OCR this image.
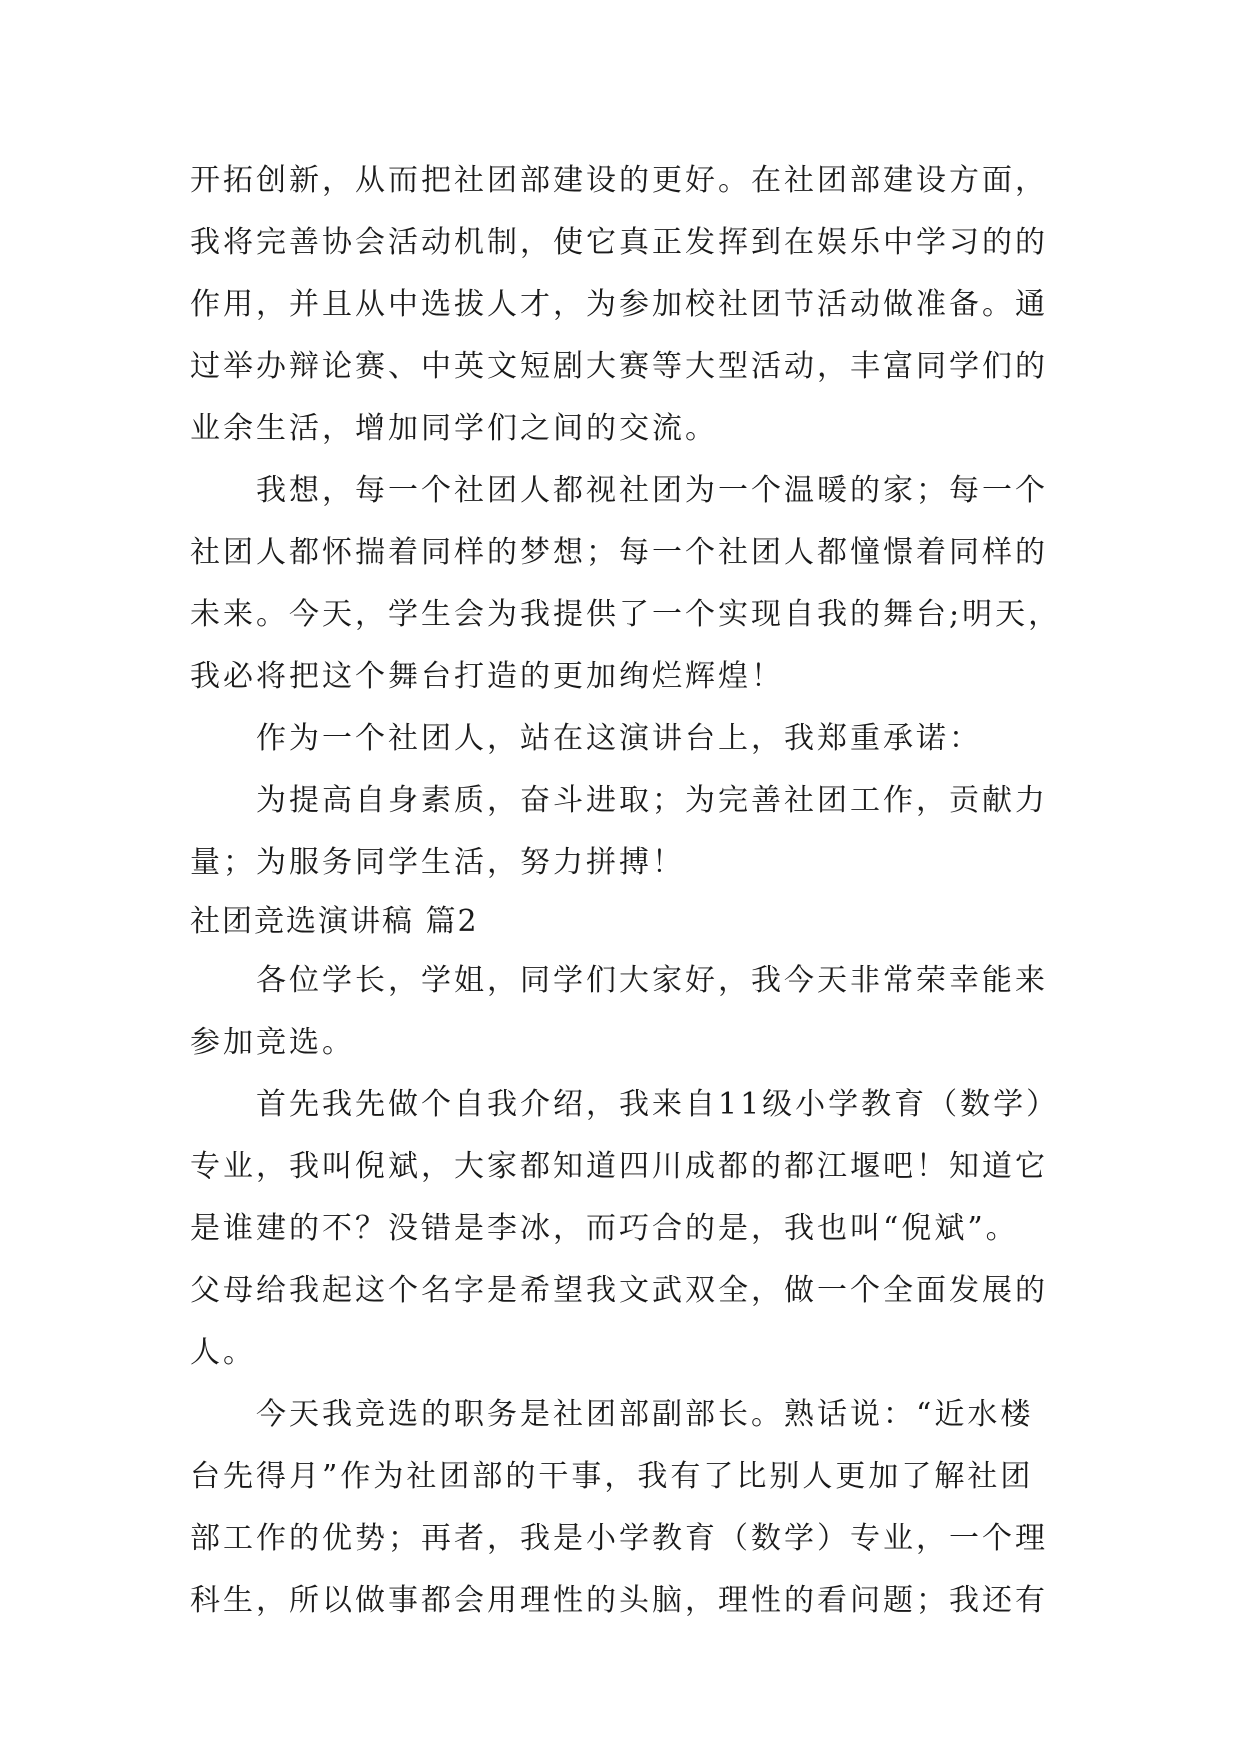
开拓创新，从而把社团部建设的更好。在社团部建设方面，
我将完善协会活动机制，使它真正发挥到在娱乐中学习的的
作用，并且从中选拔人才，为参加校社团节活动做准备。通
过举办辩论赛、中英文短剧大赛等大型活动，丰富同学们的
业余生活，增加同学们之间的交流。
我想，每一个社团人都视社团为一个温暖的家；每一个
社团人都怀揣着同样的梦想；每一个社团人都憧憬着同样的
未来。今天，学生会为我提供了一个实现自我的舞台;明天，
我必将把这个舞台打造的更加绚烂辉煌！
作为一个社团人，站在这演讲台上，我郑重承诺：
为提高自身素质，奋斗进取；为完善社团工作，贡献力
量；为服务同学生活，努力拼搏！
社团竞选演讲稿 篇2
各位学长，学姐，同学们大家好，我今天非常荣幸能来
参加竞选。
首先我先做个自我介绍，我来自11级小学教育（数学）
专业，我叫倪斌，大家都知道四川成都的都江堰吧！知道它
是谁建的不？没错是李冰，而巧合的是，我也叫“倪斌”。
父母给我起这个名字是希望我文武双全，做一个全面发展的
人。
今天我竞选的职务是社团部副部长。熟话说：“近水楼
台先得月”作为社团部的干事，我有了比别人更加了解社团
部工作的优势；再者，我是小学教育（数学）专业，一个理
科生，所以做事都会用理性的头脑，理性的看问题；我还有
